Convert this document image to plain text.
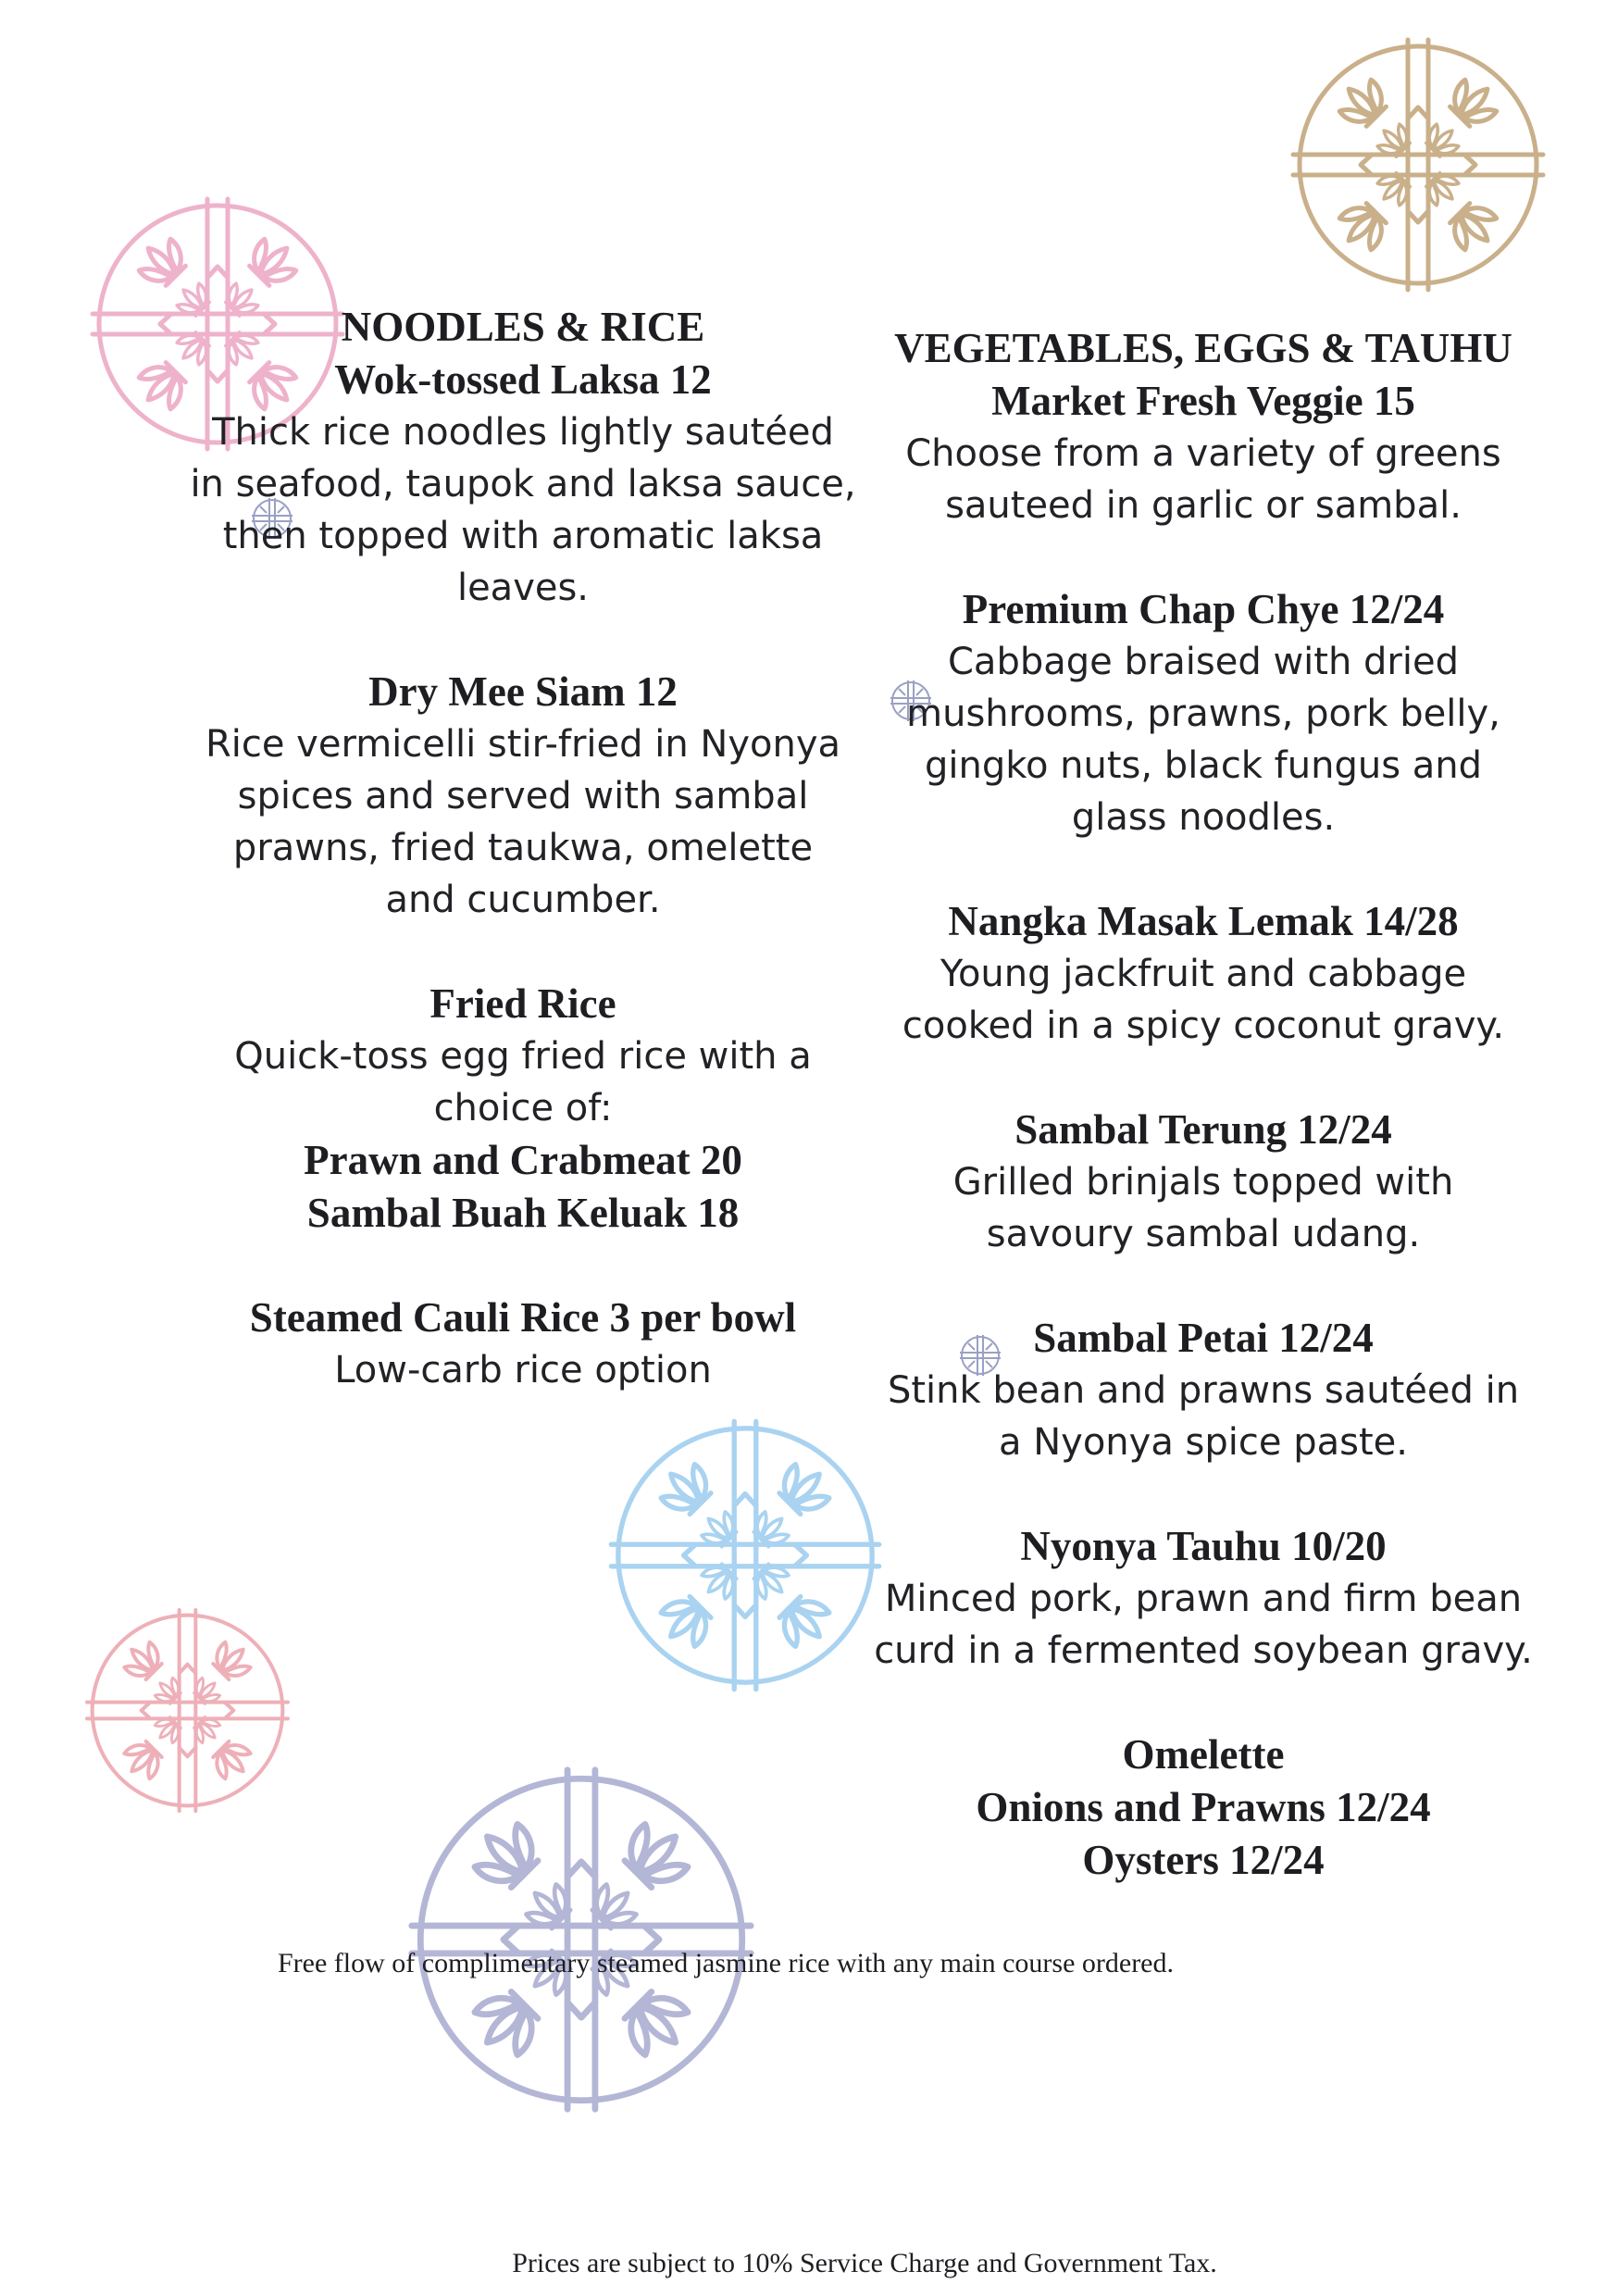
NOODLES & RICE
Wok-tossed Laksa 12
Thick rice noodles lightly sautéed
in seafood, taupok and laksa sauce,
then topped with aromatic laksa
leaves.
Dry Mee Siam 12
Rice vermicelli stir-fried in Nyonya
spices and served with sambal
prawns, fried taukwa, omelette
and cucumber.
Fried Rice
Quick-toss egg fried rice with a
choice of:
Prawn and Crabmeat 20
Sambal Buah Keluak 18
Steamed Cauli Rice 3 per bowl
Low-carb rice option
VEGETABLES, EGGS & TAUHU
Market Fresh Veggie 15
Choose from a variety of greens
sauteed in garlic or sambal.
Premium Chap Chye 12/24
Cabbage braised with dried
mushrooms, prawns, pork belly,
gingko nuts, black fungus and
glass noodles.
Nangka Masak Lemak 14/28
Young jackfruit and cabbage
cooked in a spicy coconut gravy.
Sambal Terung 12/24
Grilled brinjals topped with
savoury sambal udang.
Sambal Petai 12/24
Stink bean and prawns sautéed in
a Nyonya spice paste.
Nyonya Tauhu 10/20
Minced pork, prawn and firm bean
curd in a fermented soybean gravy.
Omelette
Onions and Prawns 12/24
Oysters 12/24
Free flow of complimentary steamed jasmine rice with any main course ordered.
Prices are subject to 10% Service Charge and Government Tax.
